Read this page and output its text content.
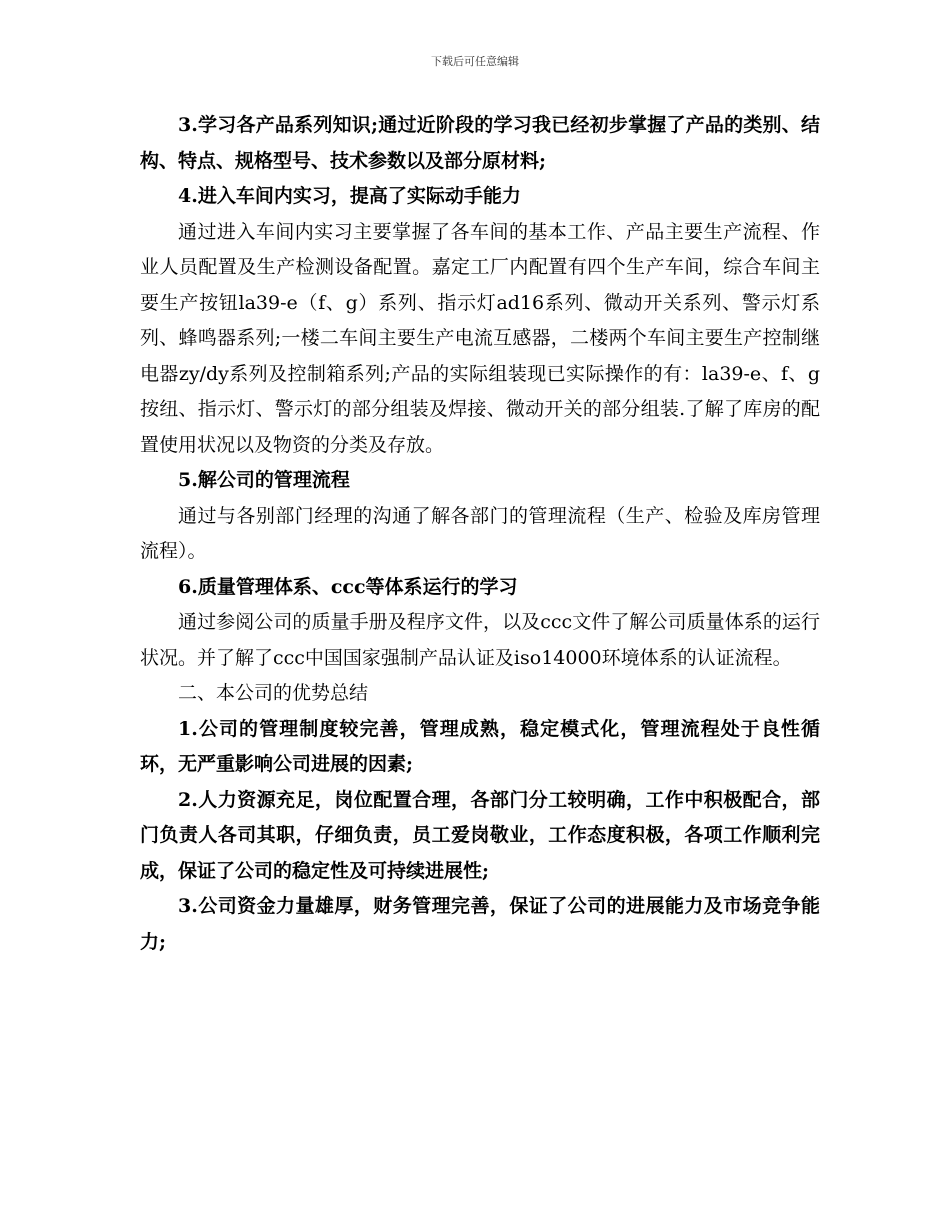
下载后可任意编辑

3.学习各产品系列知识;通过近阶段的学习我已经初步掌握了产品的类别、结构、特点、规格型号、技术参数以及部分原材料;

4.进入车间内实习，提高了实际动手能力

通过进入车间内实习主要掌握了各车间的基本工作、产品主要生产流程、作业人员配置及生产检测设备配置。嘉定工厂内配置有四个生产车间，综合车间主要生产按钮la39-e（f、g）系列、指示灯ad16系列、微动开关系列、警示灯系列、蜂鸣器系列;一楼二车间主要生产电流互感器，二楼两个车间主要生产控制继电器zy/dy系列及控制箱系列;产品的实际组装现已实际操作的有：la39-e、f、g按纽、指示灯、警示灯的部分组装及焊接、微动开关的部分组装.了解了库房的配置使用状况以及物资的分类及存放。

5.解公司的管理流程

通过与各别部门经理的沟通了解各部门的管理流程（生产、检验及库房管理流程）。

6.质量管理体系、ccc等体系运行的学习

通过参阅公司的质量手册及程序文件，以及ccc文件了解公司质量体系的运行状况。并了解了ccc中国国家强制产品认证及iso14000环境体系的认证流程。

二、本公司的优势总结

1.公司的管理制度较完善，管理成熟，稳定模式化，管理流程处于良性循环，无严重影响公司进展的因素;

2.人力资源充足，岗位配置合理，各部门分工较明确，工作中积极配合，部门负责人各司其职，仔细负责，员工爱岗敬业，工作态度积极，各项工作顺利完成，保证了公司的稳定性及可持续进展性;

3.公司资金力量雄厚，财务管理完善，保证了公司的进展能力及市场竞争能力;
